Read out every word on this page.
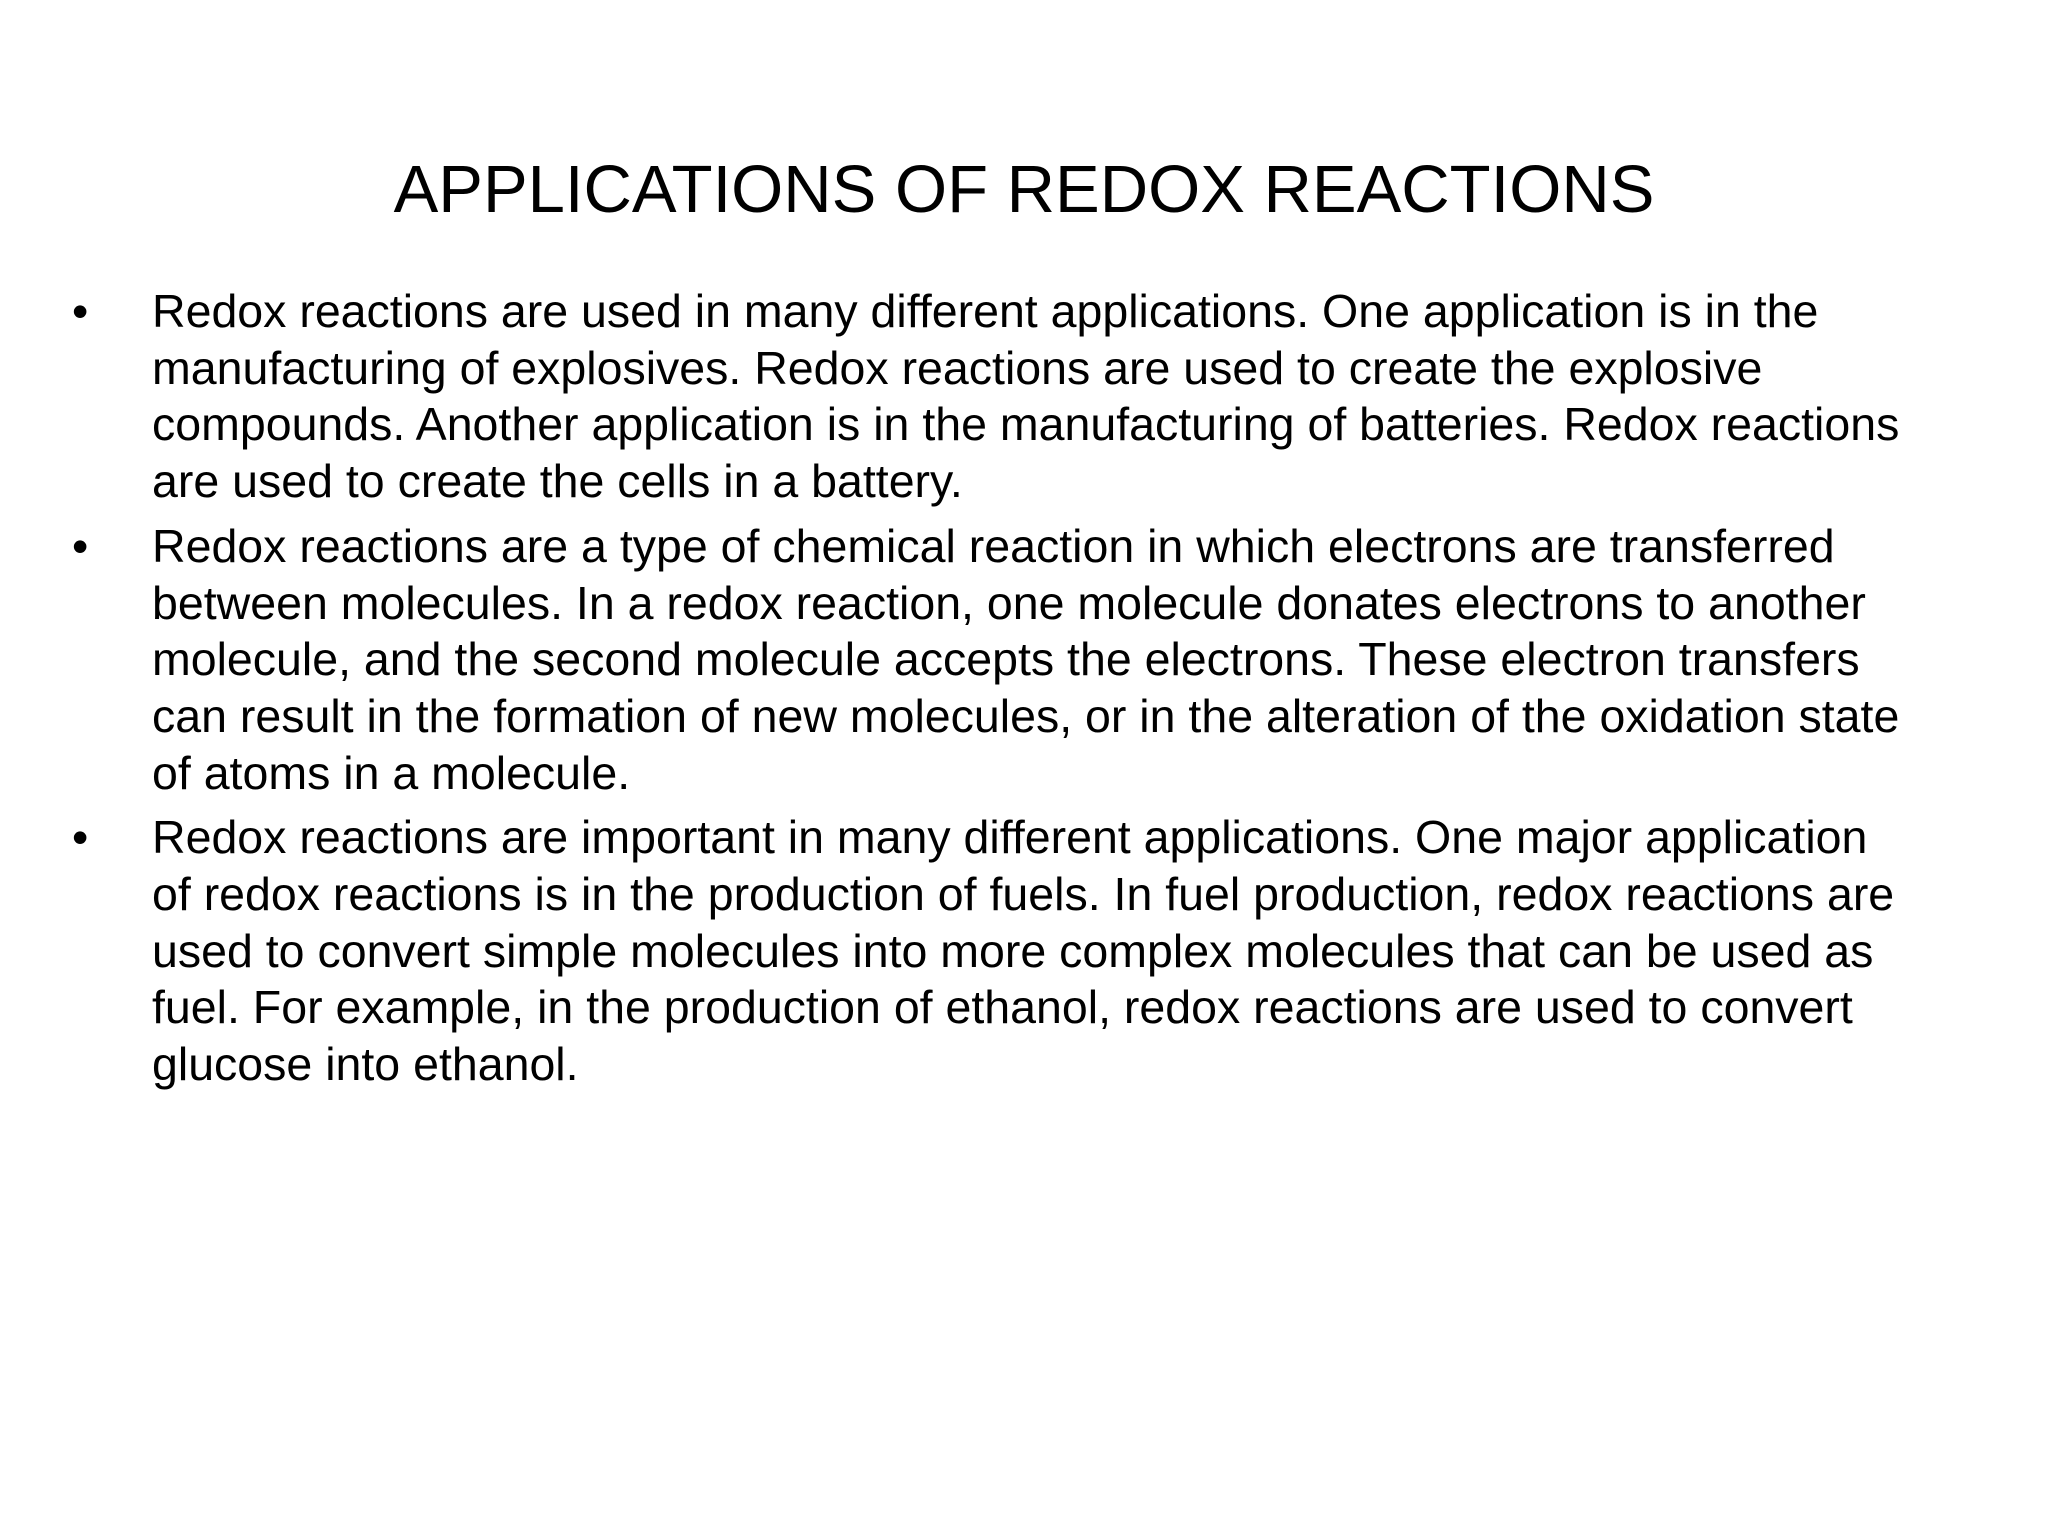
APPLICATIONS OF REDOX REACTIONS
•	Redox reactions are used in many different applications. One application is in the manufacturing of explosives. Redox reactions are used to create the explosive compounds. Another application is in the manufacturing of batteries. Redox reactions are used to create the cells in a battery.
•	Redox reactions are a type of chemical reaction in which electrons are transferred between molecules. In a redox reaction, one molecule donates electrons to another molecule, and the second molecule accepts the electrons. These electron transfers can result in the formation of new molecules, or in the alteration of the oxidation state of atoms in a molecule.
•	Redox reactions are important in many different applications. One major application of redox reactions is in the production of fuels. In fuel production, redox reactions are used to convert simple molecules into more complex molecules that can be used as fuel. For example, in the production of ethanol, redox reactions are used to convert glucose into ethanol.
